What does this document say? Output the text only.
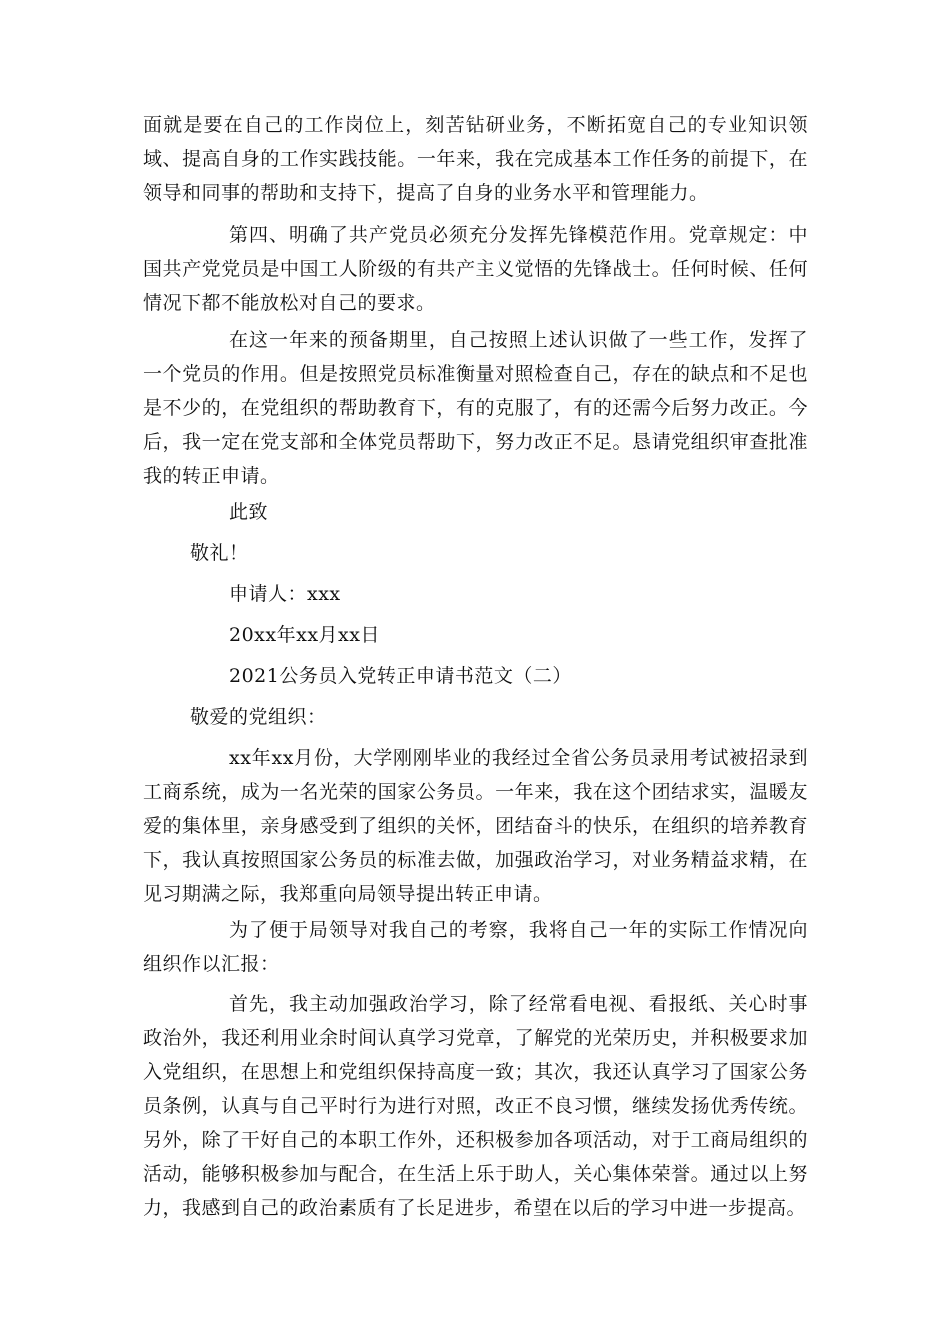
面就是要在自己的工作岗位上，刻苦钻研业务，不断拓宽自己的专业知识领域、提高自身的工作实践技能。一年来，我在完成基本工作任务的前提下，在领导和同事的帮助和支持下，提高了自身的业务水平和管理能力。

第四、明确了共产党员必须充分发挥先锋模范作用。党章规定：中国共产党党员是中国工人阶级的有共产主义觉悟的先锋战士。任何时候、任何情况下都不能放松对自己的要求。

在这一年来的预备期里，自己按照上述认识做了一些工作，发挥了一个党员的作用。但是按照党员标准衡量对照检查自己，存在的缺点和不足也是不少的，在党组织的帮助教育下，有的克服了，有的还需今后努力改正。今后，我一定在党支部和全体党员帮助下，努力改正不足。恳请党组织审查批准我的转正申请。

此致

敬礼！

申请人：xxx

20xx年xx月xx日

2021公务员入党转正申请书范文（二）

敬爱的党组织：

xx年xx月份，大学刚刚毕业的我经过全省公务员录用考试被招录到工商系统，成为一名光荣的国家公务员。一年来，我在这个团结求实，温暖友爱的集体里，亲身感受到了组织的关怀，团结奋斗的快乐，在组织的培养教育下，我认真按照国家公务员的标准去做，加强政治学习，对业务精益求精，在见习期满之际，我郑重向局领导提出转正申请。

为了便于局领导对我自己的考察，我将自己一年的实际工作情况向组织作以汇报：

首先，我主动加强政治学习，除了经常看电视、看报纸、关心时事政治外，我还利用业余时间认真学习党章，了解党的光荣历史，并积极要求加入党组织，在思想上和党组织保持高度一致；其次，我还认真学习了国家公务员条例，认真与自己平时行为进行对照，改正不良习惯，继续发扬优秀传统。另外，除了干好自己的本职工作外，还积极参加各项活动，对于工商局组织的活动，能够积极参加与配合，在生活上乐于助人，关心集体荣誉。通过以上努力，我感到自己的政治素质有了长足进步，希望在以后的学习中进一步提高。
